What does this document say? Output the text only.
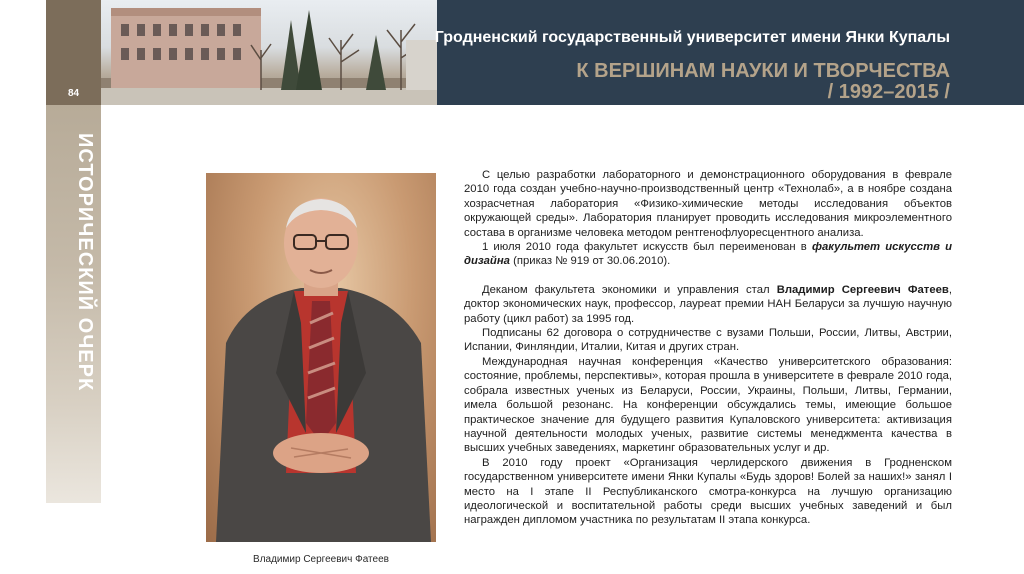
Гродненский государственный университет имени Янки Купалы
К ВЕРШИНАМ НАУКИ И ТВОРЧЕСТВА
/ 1992–2015 /
84
ИСТОРИЧЕСКИЙ ОЧЕРК
Владимир Сергеевич Фатеев

С целью разработки лабораторного и демонстрационного оборудования в феврале 2010 года создан учебно-научно-производственный центр «Технолаб», а в ноябре создана хозрасчетная лаборатория «Физико-химические методы исследования объектов окружающей среды». Лаборатория планирует проводить исследования микроэлементного состава в организме человека методом рентгенофлуоресцентного анализа.

1 июля 2010 года факультет искусств был переименован в факультет искусств и дизайна (приказ № 919 от 30.06.2010).

Деканом факультета экономики и управления стал Владимир Сергеевич Фатеев, доктор экономических наук, профессор, лауреат премии НАН Беларуси за лучшую научную работу (цикл работ) за 1995 год.

Подписаны 62 договора о сотрудничестве с вузами Польши, России, Литвы, Австрии, Испании, Финляндии, Италии, Китая и других стран.

Международная научная конференция «Качество университетского образования: состояние, проблемы, перспективы», которая прошла в университете в феврале 2010 года, собрала известных ученых из Беларуси, России, Украины, Польши, Литвы, Германии, имела большой резонанс. На конференции обсуждались темы, имеющие большое практическое значение для будущего развития Купаловского университета: активизация научной деятельности молодых ученых, развитие системы менеджмента качества в высших учебных заведениях, маркетинг образовательных услуг и др.

В 2010 году проект «Организация черлидерского движения в Гродненском государственном университете имени Янки Купалы «Будь здоров! Болей за наших!» занял I место на I этапе II Республиканского смотра-конкурса на лучшую организацию идеологической и воспитательной работы среди высших учебных заведений и был награжден дипломом участника по результатам II этапа конкурса.
